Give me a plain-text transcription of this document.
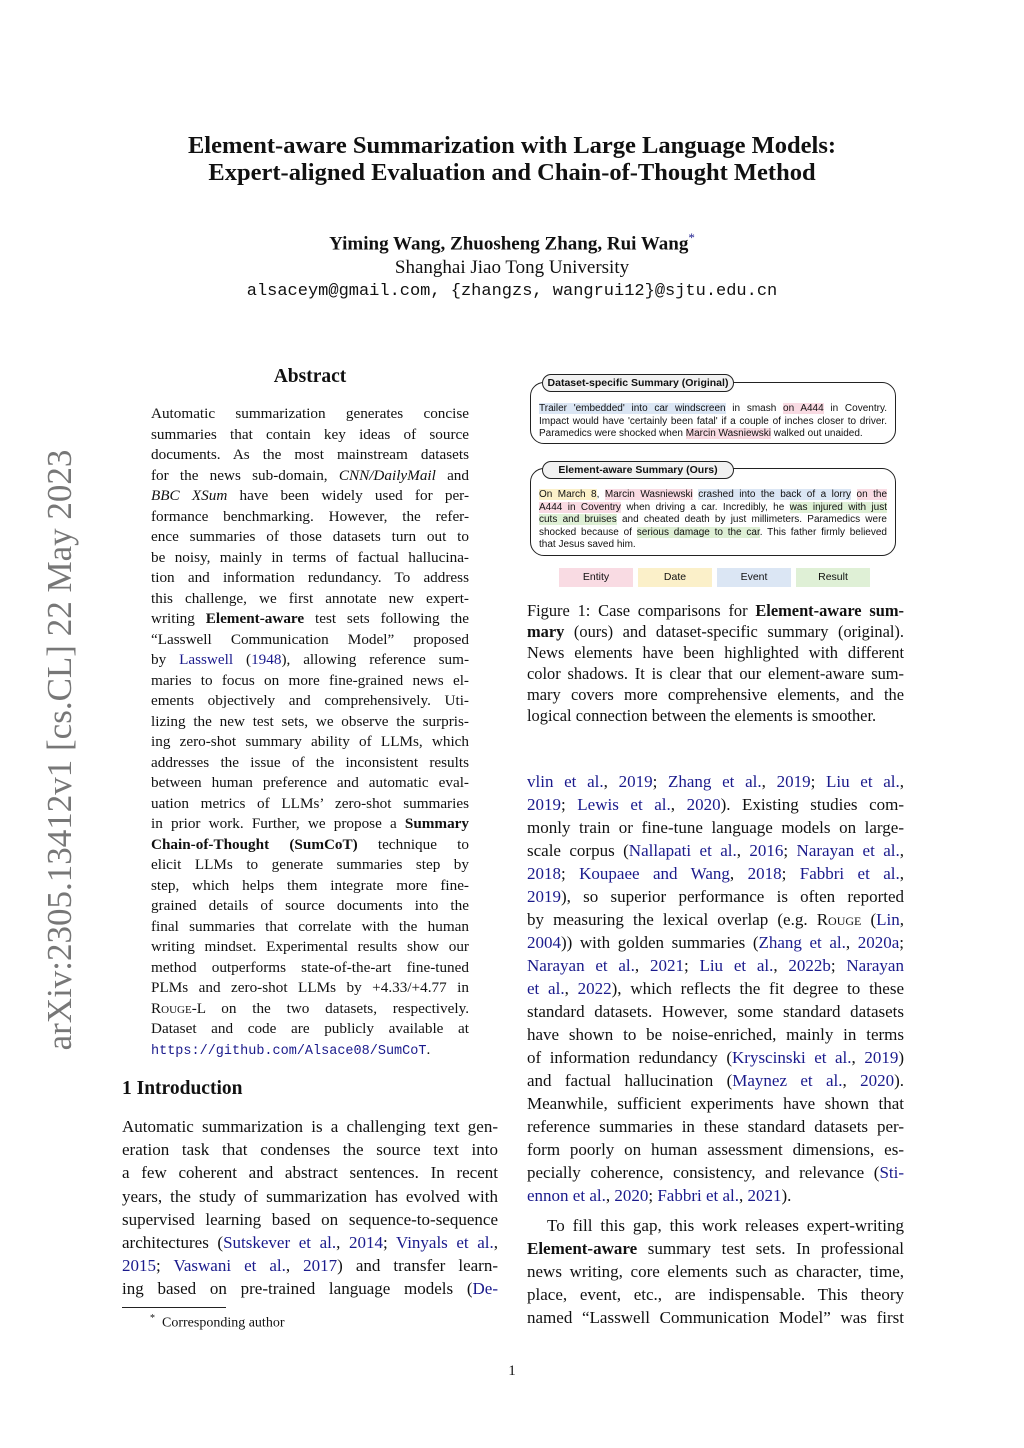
arXiv:2305.13412v1 [cs.CL] 22 May 2023
Element-aware Summarization with Large Language Models:
Expert-aligned Evaluation and Chain-of-Thought Method
Yiming Wang, Zhuosheng Zhang, Rui Wang*
Shanghai Jiao Tong University
alsaceym@gmail.com, {zhangzs, wangrui12}@sjtu.edu.cn
Abstract
Automatic summarization generates concise
summaries that contain key ideas of source
documents. As the most mainstream datasets
for the news sub-domain, CNN/DailyMail and
BBC XSum have been widely used for per-
formance benchmarking. However, the refer-
ence summaries of those datasets turn out to
be noisy, mainly in terms of factual hallucina-
tion and information redundancy. To address
this challenge, we first annotate new expert-
writing Element-aware test sets following the
“Lasswell Communication Model” proposed
by Lasswell (1948), allowing reference sum-
maries to focus on more fine-grained news el-
ements objectively and comprehensively. Uti-
lizing the new test sets, we observe the surpris-
ing zero-shot summary ability of LLMs, which
addresses the issue of the inconsistent results
between human preference and automatic eval-
uation metrics of LLMs’ zero-shot summaries
in prior work. Further, we propose a Summary
Chain-of-Thought (SumCoT) technique to
elicit LLMs to generate summaries step by
step, which helps them integrate more fine-
grained details of source documents into the
final summaries that correlate with the human
writing mindset. Experimental results show our
method outperforms state-of-the-art fine-tuned
PLMs and zero-shot LLMs by +4.33/+4.77 in
Rouge-L on the two datasets, respectively.
Dataset and code are publicly available at
https://github.com/Alsace08/SumCoT.
1 Introduction
Automatic summarization is a challenging text gen-
eration task that condenses the source text into
a few coherent and abstract sentences. In recent
years, the study of summarization has evolved with
supervised learning based on sequence-to-sequence
architectures (Sutskever et al., 2014; Vinyals et al.,
2015; Vaswani et al., 2017) and transfer learn-
ing based on pre-trained language models (De-
* Corresponding author
Trailer 'embedded' into car windscreen in smash on A444 in Coventry.
Impact would have 'certainly been fatal' if a couple of inches closer to driver.
Paramedics were shocked when Marcin Wasniewski walked out unaided.
Dataset-specific Summary (Original)
On March 8, Marcin Wasniewski crashed into the back of a lorry on the
A444 in Coventry when driving a car. Incredibly, he was injured with just
cuts and bruises and cheated death by just millimeters. Paramedics were
shocked because of serious damage to the car. This father firmly believed
that Jesus saved him.
Element-aware Summary (Ours)
Entity	Date	Event	Result
Figure 1: Case comparisons for Element-aware sum-
mary (ours) and dataset-specific summary (original).
News elements have been highlighted with different
color shadows. It is clear that our element-aware sum-
mary covers more comprehensive elements, and the
logical connection between the elements is smoother.
vlin et al., 2019; Zhang et al., 2019; Liu et al.,
2019; Lewis et al., 2020). Existing studies com-
monly train or fine-tune language models on large-
scale corpus (Nallapati et al., 2016; Narayan et al.,
2018; Koupaee and Wang, 2018; Fabbri et al.,
2019), so superior performance is often reported
by measuring the lexical overlap (e.g. Rouge (Lin,
2004)) with golden summaries (Zhang et al., 2020a;
Narayan et al., 2021; Liu et al., 2022b; Narayan
et al., 2022), which reflects the fit degree to these
standard datasets. However, some standard datasets
have shown to be noise-enriched, mainly in terms
of information redundancy (Kryscinski et al., 2019)
and factual hallucination (Maynez et al., 2020).
Meanwhile, sufficient experiments have shown that
reference summaries in these standard datasets per-
form poorly on human assessment dimensions, es-
pecially coherence, consistency, and relevance (Sti-
ennon et al., 2020; Fabbri et al., 2021).
To fill this gap, this work releases expert-writing
Element-aware summary test sets. In professional
news writing, core elements such as character, time,
place, event, etc., are indispensable. This theory
named “Lasswell Communication Model” was first
1
